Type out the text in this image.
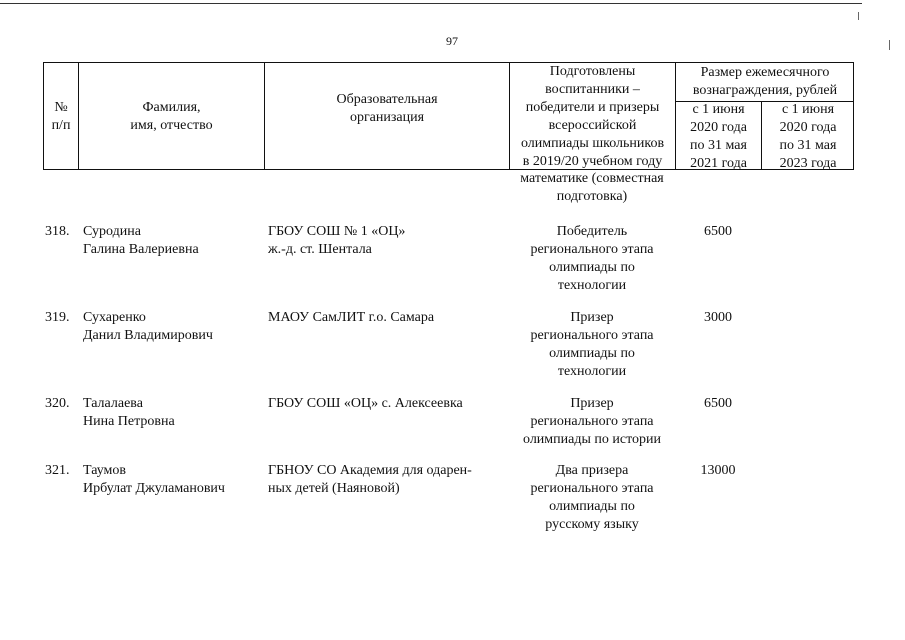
97
№
п/п
Фамилия,
имя, отчество
Образовательная
организация
Подготовлены
воспитанники –
победители и призеры
всероссийской
олимпиады школьников
в 2019/20 учебном году
Размер ежемесячного
вознаграждения, рублей
с 1 июня
2020 года
по 31 мая
2021 года
с 1 июня
2020 года
по 31 мая
2023 года
математике (совместная
подготовка)
318. Суродина
Галина Валериевна
ГБОУ СОШ № 1 «ОЦ»
ж.-д. ст. Шентала
Победитель
регионального этапа
олимпиады по
технологии
6500
319. Сухаренко
Данил Владимирович
МАОУ СамЛИТ г.о. Самара	Призер
регионального этапа
олимпиады по
технологии
3000
320. Талалаева
Нина Петровна
ГБОУ СОШ «ОЦ» с. Алексеевка	Призер
регионального этапа
олимпиады по истории
6500
321. Таумов
Ирбулат Джуламанович
ГБНОУ СО Академия для одарен-
ных детей (Наяновой)
Два призера
регионального этапа
олимпиады по
русскому языку
13000
